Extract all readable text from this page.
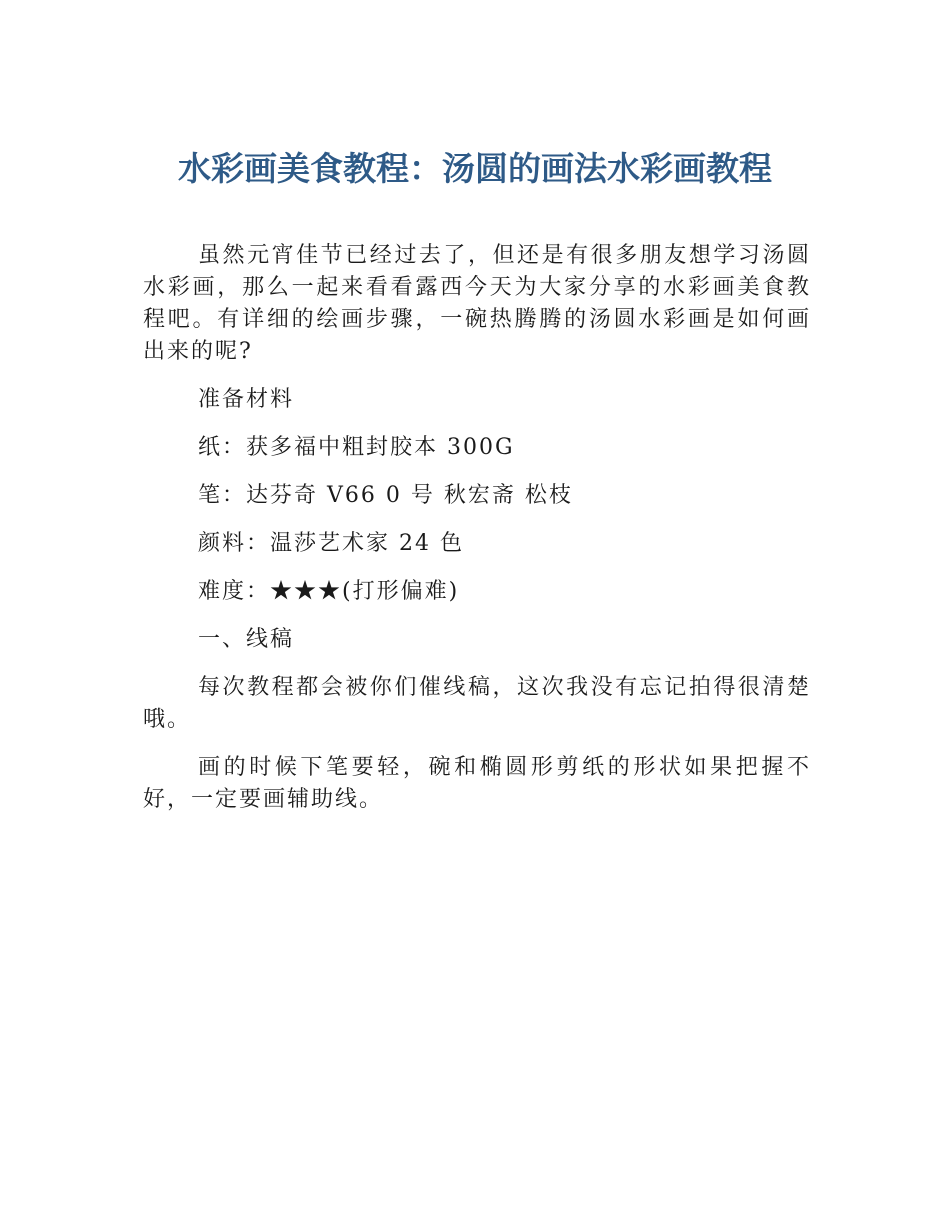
水彩画美食教程：汤圆的画法水彩画教程

虽然元宵佳节已经过去了，但还是有很多朋友想学习汤圆水彩画，那么一起来看看露西今天为大家分享的水彩画美食教程吧。有详细的绘画步骤，一碗热腾腾的汤圆水彩画是如何画出来的呢?

准备材料

纸：获多福中粗封胶本 300G

笔：达芬奇 V66 0 号 秋宏斋 松枝

颜料：温莎艺术家 24 色

难度：★★★(打形偏难)

一、线稿

每次教程都会被你们催线稿，这次我没有忘记拍得很清楚哦。

画的时候下笔要轻，碗和椭圆形剪纸的形状如果把握不好，一定要画辅助线。
